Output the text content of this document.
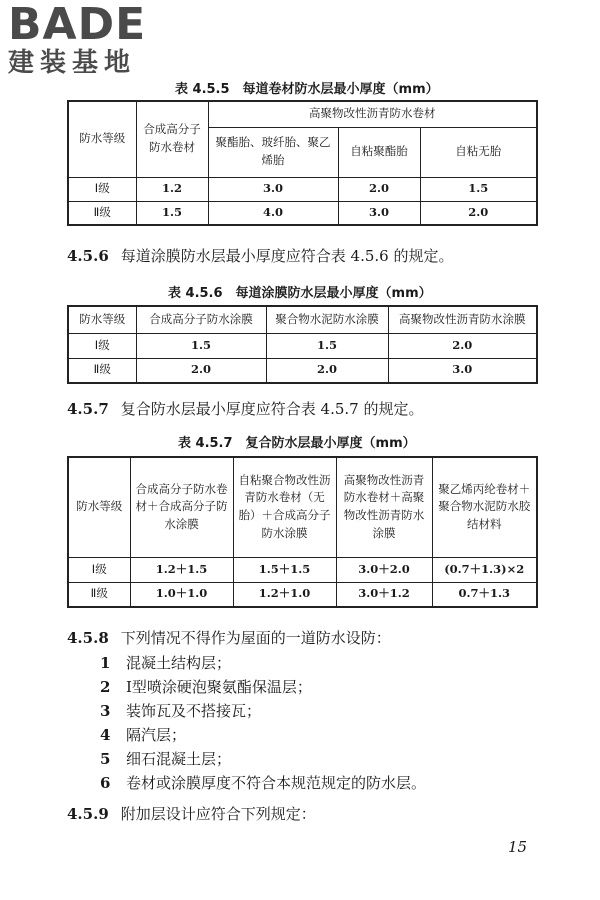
BADE
建装基地
表 4.5.5　每道卷材防水层最小厚度（mm）
防水等级	合成高分子防水卷材	高聚物改性沥青防水卷材		
		聚酯胎、玻纤胎、聚乙烯胎	自粘聚酯胎	自粘无胎
Ⅰ级	1.2	3.0	2.0	1.5
Ⅱ级	1.5	4.0	3.0	2.0
4.5.6 每道涂膜防水层最小厚度应符合表 4.5.6 的规定。
表 4.5.6　每道涂膜防水层最小厚度（mm）
防水等级	合成高分子防水涂膜	聚合物水泥防水涂膜	高聚物改性沥青防水涂膜
Ⅰ级	1.5	1.5	2.0
Ⅱ级	2.0	2.0	3.0
4.5.7 复合防水层最小厚度应符合表 4.5.7 的规定。
表 4.5.7　复合防水层最小厚度（mm）
防水等级	合成高分子防水卷材＋合成高分子防水涂膜	自粘聚合物改性沥青防水卷材（无胎）＋合成高分子防水涂膜	高聚物改性沥青防水卷材＋高聚物改性沥青防水涂膜	聚乙烯丙纶卷材＋聚合物水泥防水胶结材料
Ⅰ级	1.2＋1.5	1.5＋1.5	3.0＋2.0	(0.7＋1.3)×2
Ⅱ级	1.0＋1.0	1.2＋1.0	3.0＋1.2	0.7＋1.3
4.5.8 下列情况不得作为屋面的一道防水设防：
1 混凝土结构层；
2 Ⅰ型喷涂硬泡聚氨酯保温层；
3 装饰瓦及不搭接瓦；
4 隔汽层；
5 细石混凝土层；
6 卷材或涂膜厚度不符合本规范规定的防水层。
4.5.9 附加层设计应符合下列规定：
15
